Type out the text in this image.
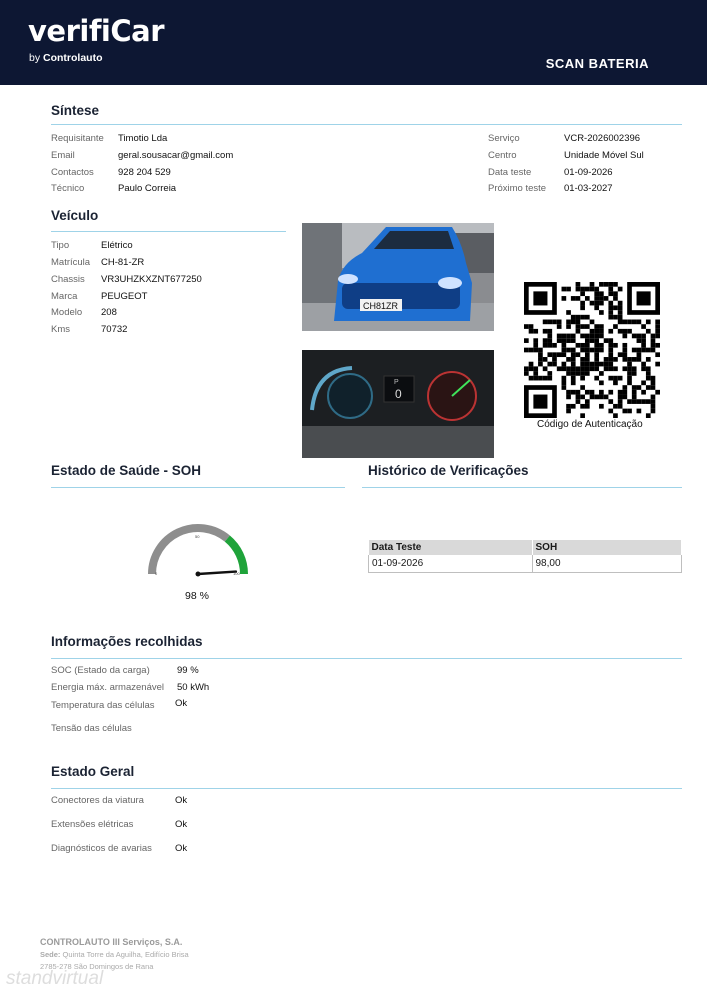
verifiCar
by Controlauto	SCAN BATERIA
Síntese
Requisitante Timotio Lda
Email	geral.sousacar@gmail.com
Contactos	928 204 529
Técnico	Paulo Correia
Serviço	VCR-2026002396
Centro	Unidade Móvel Sul
Data teste	01-09-2026
Próximo teste 01-03-2027
Veículo
Tipo	Elétrico
Matrícula CH-81-ZR
Chassis VR3UHZKXZNT677250
Marca PEUGEOT
Modelo 208
Kms	70732
CH81ZR
P
0
Código de Autenticação
Estado de Saúde - SOH
0
50
100
98 %
Histórico de Verificações
Data Teste	SOH
01-09-2026	98,00
Informações recolhidas
SOC (Estado da carga)	99 %
Energia máx. armazenável 50 kWh
Temperatura das células Ok
Tensão das células
Estado Geral
Conectores da viatura	Ok
Extensões elétricas	Ok
Diagnósticos de avarias Ok
CONTROLAUTO III Serviços, S.A.
Sede: Quinta Torre da Aguilha, Edifício Brisa
2785-278 São Domingos de Rana
standvirtual
